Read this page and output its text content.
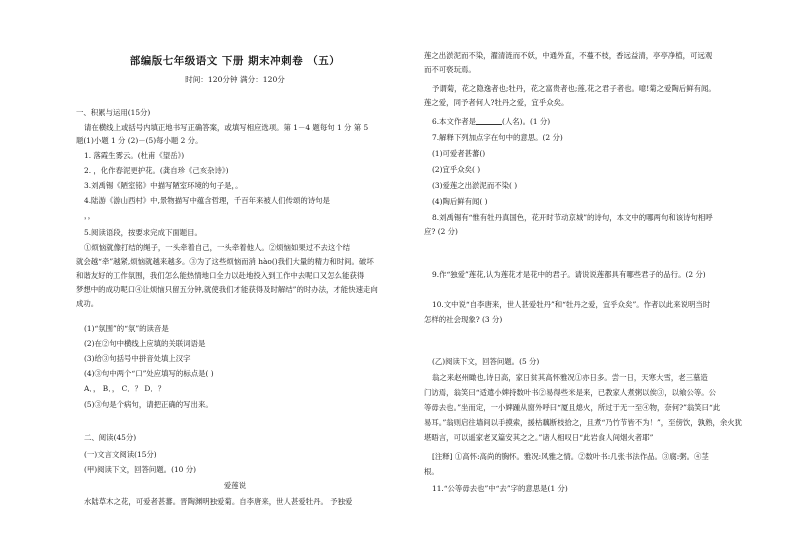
部编版七年级语文 下册 期末冲刺卷 （五）
时间：120分钟 满分：120分
一、积累与运用(15分)
请在横线上或括号内填正地书写正确答案，或填写相应选项。第 1－4 题每句 1 分 第 5
题(1)小题 1 分 (2)－(5)每小题 2 分。
1. 落霞生雾云。(杜甫《望岳》)
2. ，化作春泥更护花。(龚自珍《己亥杂诗》)
3.刘禹锡《陋室铭》中描写陋室环境的句子是，。
4.陆游《游山西村》中,景物描写中蕴含哲理，千百年来被人们传颂的诗句是
，，
5.阅读语段，按要求完成下面题目。
①烦恼就像打结的绳子，一头牵着自己，一头牵着他人。②烦恼如果过不去这个结
就会越“牵”越紧,烦恼就越来越多。③为了这些烦恼而消 hào()我们大量的精力和时间。破坏
和谐友好的工作氛围，我们怎么能热情地口全力以赴地投入到工作中去呢口又怎么能获得
梦想中的成功呢口④让烦恼只留五分钟,就使我们才能获得及时解结”的时办法，才能快速走向
成功。
(1)“氛围”的“氛”的读音是
(2)在②句中横线上应填的关联词语是
(3)给③句括号中拼音处填上汉字
(4)③句中两个“口”处应填写的标点是( )
A．， B．， C．？ D．？
(5)③句是个病句，请把正确的写出来。
二、阅读(45分)
(一)文言文阅读(15分)
(甲)阅读下文，回答问题。(10 分)
爱莲说
水陆草木之花，可爱者甚蕃。晋陶渊明独爱菊。自李唐来，世人甚爱牡丹。 予独爱
莲之出淤泥而不染，濯清涟而不妖，中通外直，不蔓不枝，香远益清，亭亭净植，可远观
而不可亵玩焉。
予谓菊，花之隐逸者也;牡丹，花之富贵者也;莲,花之君子者也。噫!菊之爱陶后鲜有闻。
莲之爱，同予者何人?牡丹之爱，宜乎众矣。
6.本文作者是	(人名)。(1 分)
7.解释下列加点字在句中的意思。(2 分)
(1)可爱者甚蕃()
(2)宜乎众矣( )
(3)爱莲之出淤泥而不染( )
(4)陶后鲜有闻( )
8.刘禹锡有“惟有牡丹真国色，花开时节动京城”的诗句，本文中的哪两句和该诗句相呼
应? (2 分)
9.作“独爱”莲花,认为莲花才是花中的君子。请说说莲都具有哪些君子的品行。(2 分)
10.文中说“自李唐来，世人甚爱牡丹”和“牡丹之爱，宜乎众矣”。作者以此来说明当时
怎样的社会现象? (3 分)
(乙)阅读下文，回答问题。(5 分)
翁之来赵州瞰也,诗日高，家日贫其高怀雅况①亦日多。尝一日，天寒大雪，老三墓造
门访焉，翁笑曰“适遣小婢持数叶书②易得些米是来，已教家人煮粥以俟③，以飨公等。公
等毋去也。”坐而定，一小婢踵从窗外呼曰“厦且熄火，所过于无一至④物，奈何?”翁笑曰“此
易耳。”翁则启往墙间以手摸索，援枯藕断枝拾之，且煮“乃竹节皆不为！”，至傍饮，孰熟，余火犹
堪晤言，可以遥家老叉篇安其之之。”诸人相叹日“此岩食人间烟火者耶”
[注释] ①高怀:高尚的胸怀。雅况:风雅之情。②数叶书:几张书法作品。③腐:粥。④茎
根。
11.“公等毋去也”中“去”字的意思是(1 分)
